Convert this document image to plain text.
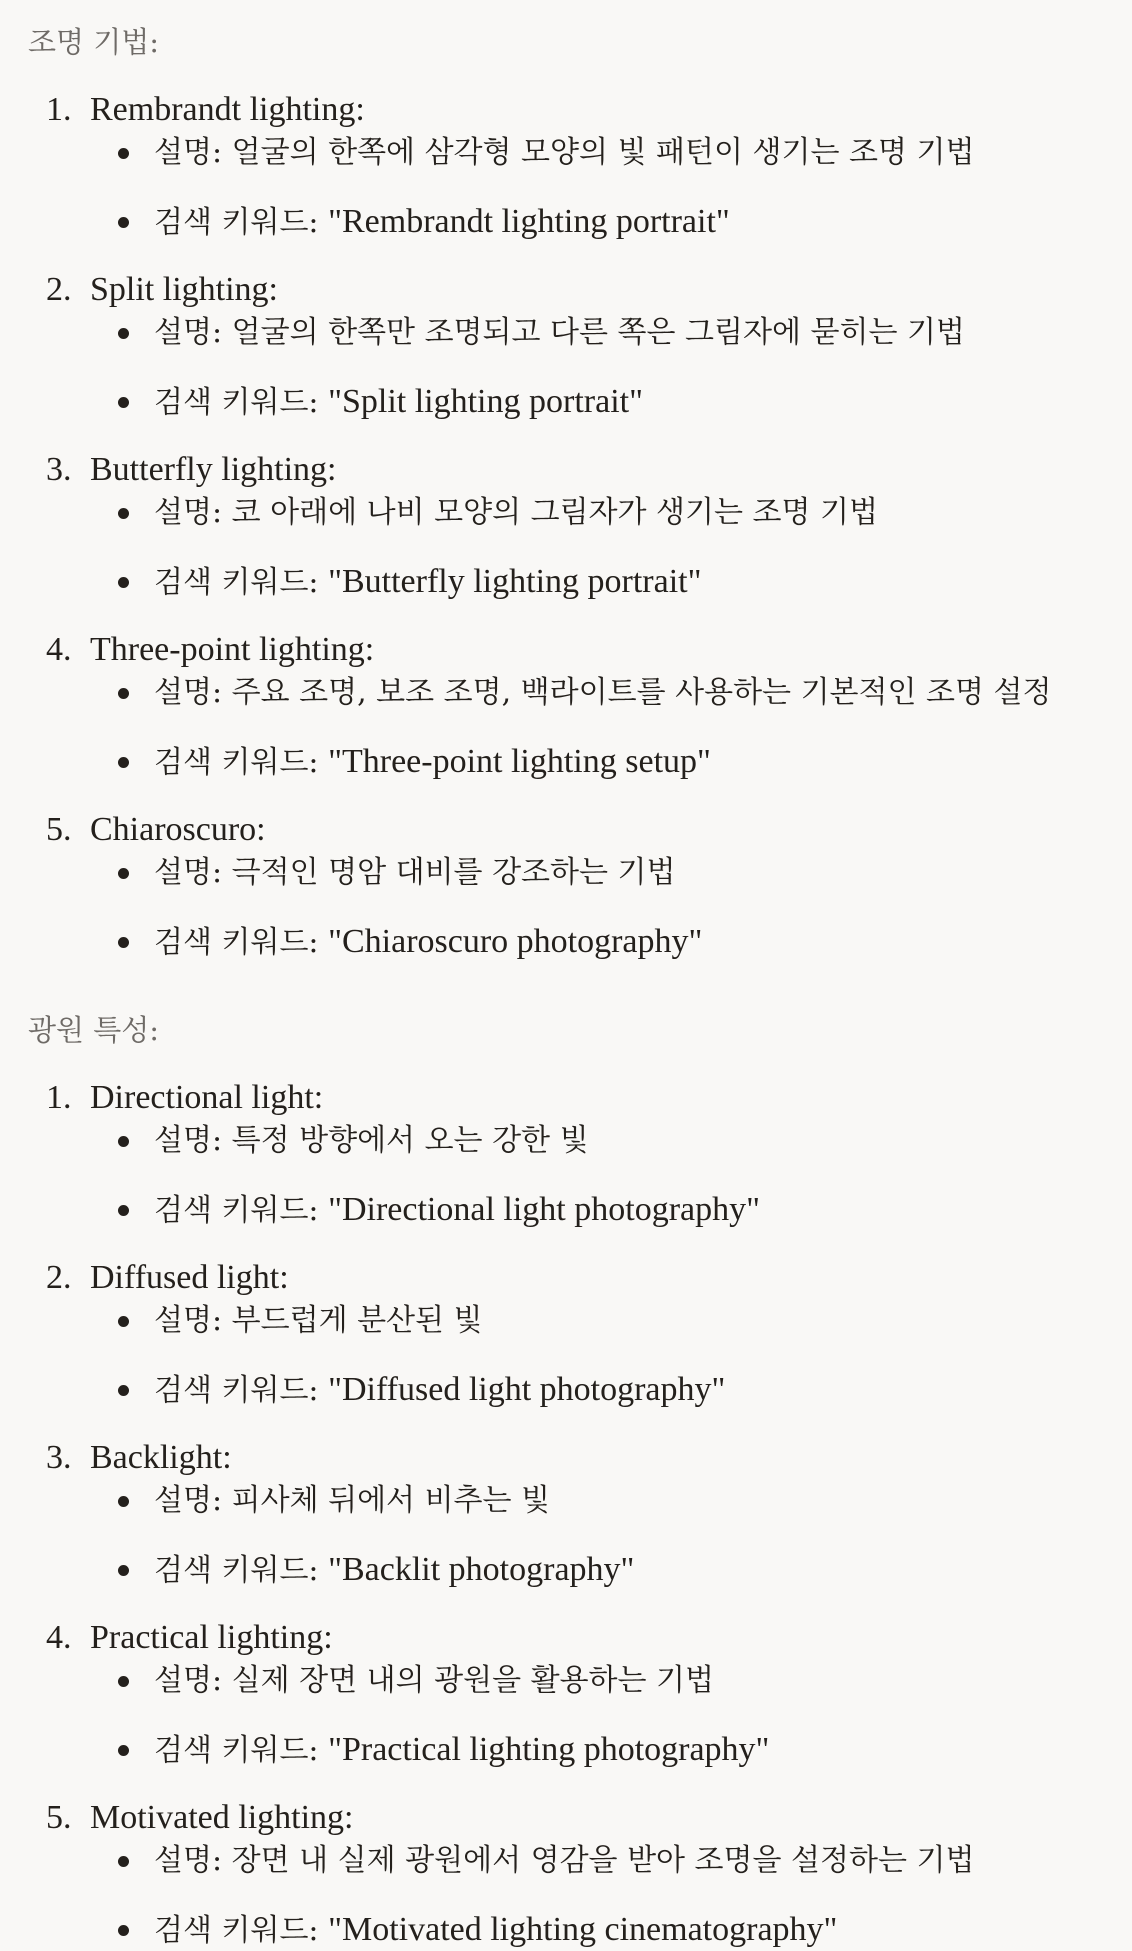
조명 기법:
1. Rembrandt lighting:
설명: 얼굴의 한쪽에 삼각형 모양의 빛 패턴이 생기는 조명 기법
검색 키워드: "Rembrandt lighting portrait"
2. Split lighting:
설명: 얼굴의 한쪽만 조명되고 다른 쪽은 그림자에 묻히는 기법
검색 키워드: "Split lighting portrait"
3. Butterfly lighting:
설명: 코 아래에 나비 모양의 그림자가 생기는 조명 기법
검색 키워드: "Butterfly lighting portrait"
4. Three-point lighting:
설명: 주요 조명, 보조 조명, 백라이트를 사용하는 기본적인 조명 설정
검색 키워드: "Three-point lighting setup"
5. Chiaroscuro:
설명: 극적인 명암 대비를 강조하는 기법
검색 키워드: "Chiaroscuro photography"
광원 특성:
1. Directional light:
설명: 특정 방향에서 오는 강한 빛
검색 키워드: "Directional light photography"
2. Diffused light:
설명: 부드럽게 분산된 빛
검색 키워드: "Diffused light photography"
3. Backlight:
설명: 피사체 뒤에서 비추는 빛
검색 키워드: "Backlit photography"
4. Practical lighting:
설명: 실제 장면 내의 광원을 활용하는 기법
검색 키워드: "Practical lighting photography"
5. Motivated lighting:
설명: 장면 내 실제 광원에서 영감을 받아 조명을 설정하는 기법
검색 키워드: "Motivated lighting cinematography"
